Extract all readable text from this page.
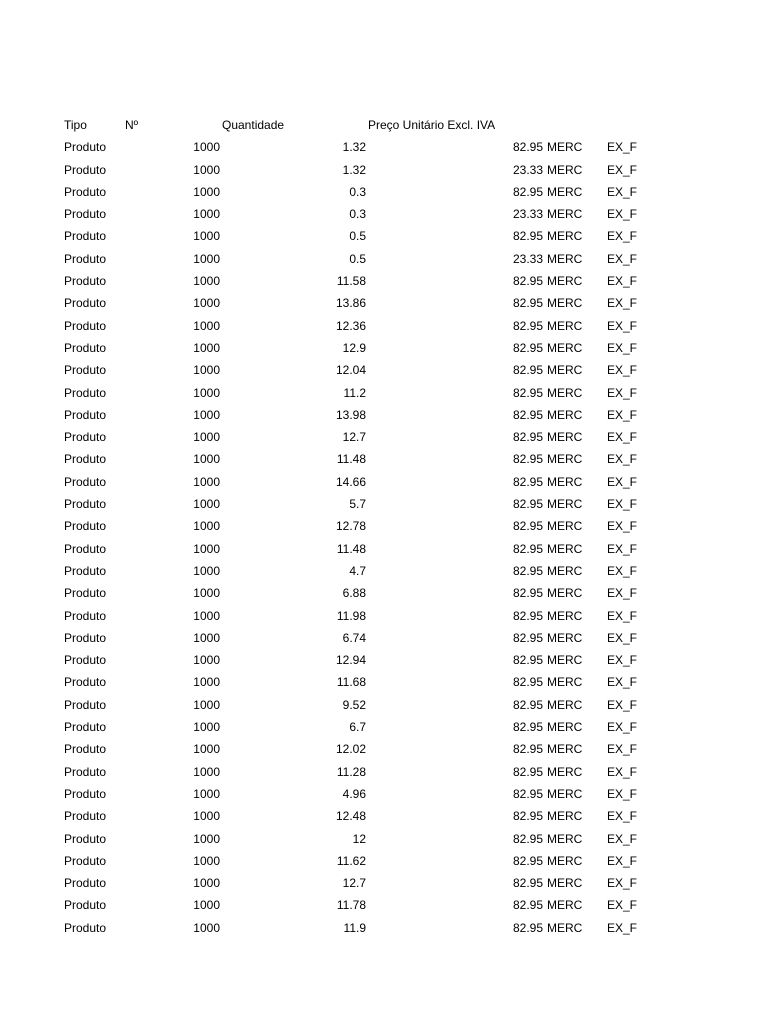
Tipo	Nº	Quantidade	Preço Unitário Excl. IVA
Produto	1000	1.32	82.95 MERC EX_F
Produto	1000	1.32	23.33 MERC EX_F
Produto	1000	0.3	82.95 MERC EX_F
Produto	1000	0.3	23.33 MERC EX_F
Produto	1000	0.5	82.95 MERC EX_F
Produto	1000	0.5	23.33 MERC EX_F
Produto	1000	11.58	82.95 MERC EX_F
Produto	1000	13.86	82.95 MERC EX_F
Produto	1000	12.36	82.95 MERC EX_F
Produto	1000	12.9	82.95 MERC EX_F
Produto	1000	12.04	82.95 MERC EX_F
Produto	1000	11.2	82.95 MERC EX_F
Produto	1000	13.98	82.95 MERC EX_F
Produto	1000	12.7	82.95 MERC EX_F
Produto	1000	11.48	82.95 MERC EX_F
Produto	1000	14.66	82.95 MERC EX_F
Produto	1000	5.7	82.95 MERC EX_F
Produto	1000	12.78	82.95 MERC EX_F
Produto	1000	11.48	82.95 MERC EX_F
Produto	1000	4.7	82.95 MERC EX_F
Produto	1000	6.88	82.95 MERC EX_F
Produto	1000	11.98	82.95 MERC EX_F
Produto	1000	6.74	82.95 MERC EX_F
Produto	1000	12.94	82.95 MERC EX_F
Produto	1000	11.68	82.95 MERC EX_F
Produto	1000	9.52	82.95 MERC EX_F
Produto	1000	6.7	82.95 MERC EX_F
Produto	1000	12.02	82.95 MERC EX_F
Produto	1000	11.28	82.95 MERC EX_F
Produto	1000	4.96	82.95 MERC EX_F
Produto	1000	12.48	82.95 MERC EX_F
Produto	1000	12	82.95 MERC EX_F
Produto	1000	11.62	82.95 MERC EX_F
Produto	1000	12.7	82.95 MERC EX_F
Produto	1000	11.78	82.95 MERC EX_F
Produto	1000	11.9	82.95 MERC EX_F
